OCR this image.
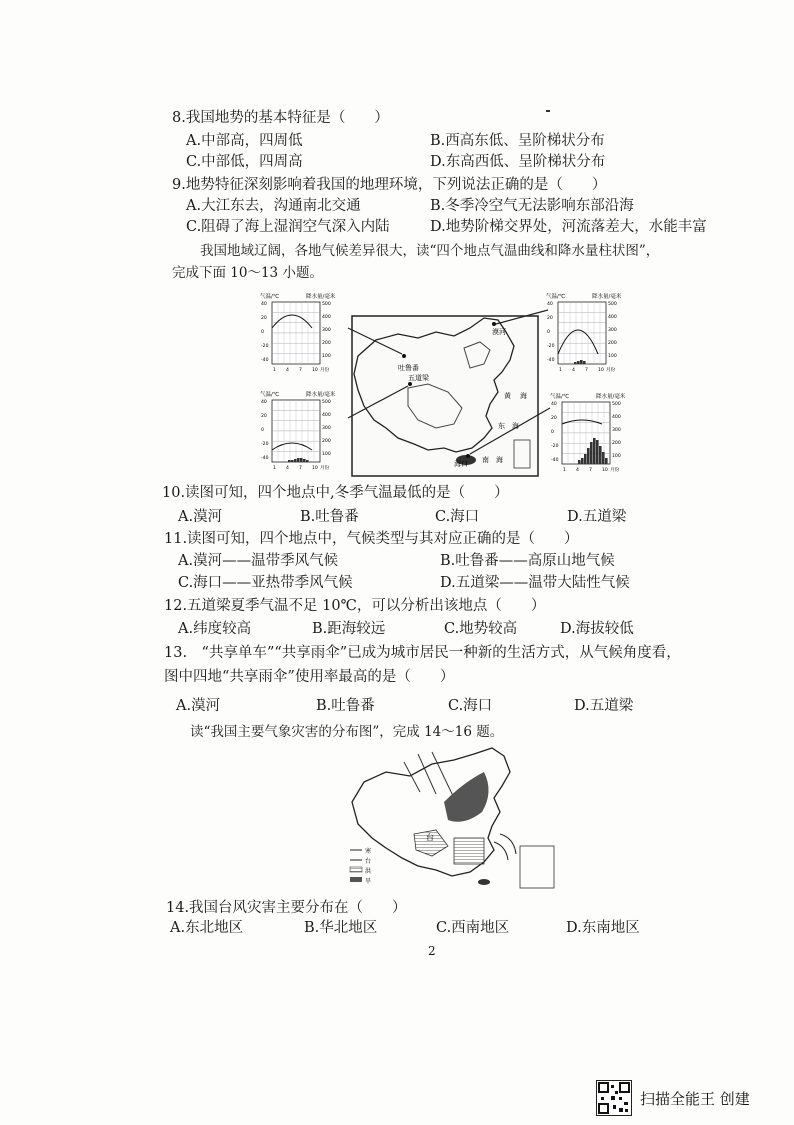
8.我国地势的基本特征是（　　）
A.中部高，四周低	B.西高东低、呈阶梯状分布
C.中部低，四周高	D.东高西低、呈阶梯状分布
9.地势特征深刻影响着我国的地理环境，下列说法正确的是（　　）
A.大江东去，沟通南北交通	B.冬季冷空气无法影响东部沿海
C.阻碍了海上湿润空气深入内陆	D.地势阶梯交界处，河流落差大，水能丰富
我国地域辽阔，各地气候差异很大，读“四个地点气温曲线和降水量柱状图”，
完成下面 10～13 小题。
吐鲁番
五道梁
漠河
海口
黄 海
东 海
南 海
气温/℃	降水量/毫米
40
20
0
-20
-40
500
400
300
200
100
1 4 7 10 月份
气温/℃	降水量/毫米
40
20
0
-20
-40
500
400
300
200
100
1 4 7 10 月份
气温/℃	降水量/毫米
40
20
0
-20
-40
500
400
300
200
100
1 4 7 10 月份
气温/℃	降水量/毫米
40
20
0
-20
-40
500
400
300
200
100
1 4 7 10 月份
10.读图可知，四个地点中,冬季气温最低的是（　　）
A.漠河	B.吐鲁番	C.海口	D.五道梁
11.读图可知，四个地点中，气候类型与其对应正确的是（　　）
A.漠河——温带季风气候	B.吐鲁番——高原山地气候
C.海口——亚热带季风气候	D.五道梁——温带大陆性气候
12.五道梁夏季气温不足 10℃，可以分析出该地点（　　）
A.纬度较高	B.距海较远	C.地势较高	D.海拔较低
13.　“共享单车”“共享雨伞”已成为城市居民一种新的生活方式，从气候角度看，
图中四地“共享雨伞”使用率最高的是（　　）
A.漠河	B.吐鲁番	C.海口	D.五道梁
读“我国主要气象灾害的分布图”，完成 14～16 题。
台
寒
台
洪
旱
14.我国台风灾害主要分布在（　　）
A.东北地区	B.华北地区	C.西南地区	D.东南地区
2
扫描全能王 创建
